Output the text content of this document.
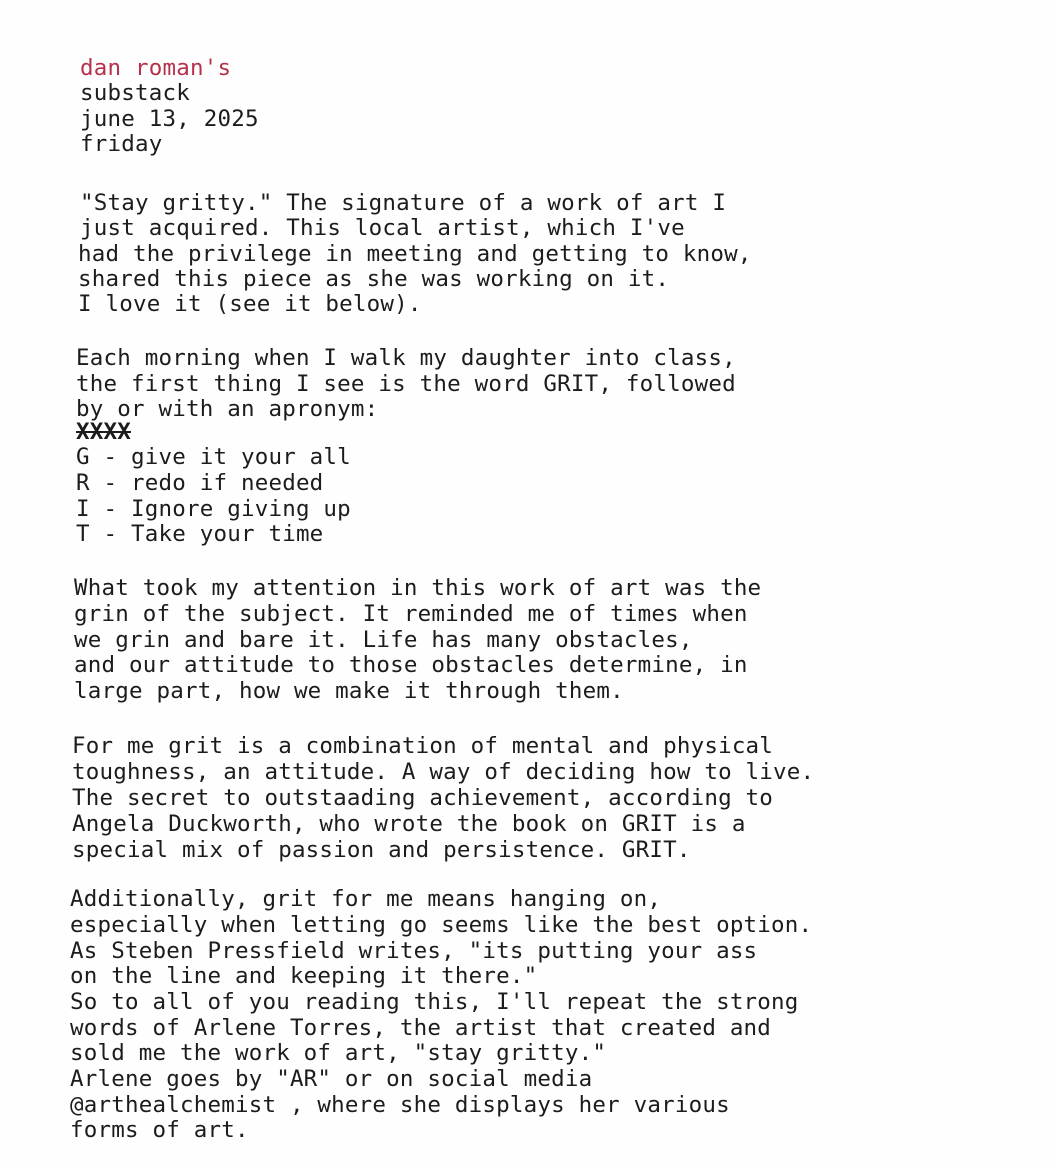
dan roman's
substack
june 13, 2025
friday
"Stay gritty." The signature of a work of art I
just acquired. This local artist, which I've
had the privilege in meeting and getting to know,
shared this piece as she was working on it.
I love it (see it below).
Each morning when I walk my daughter into class,
the first thing I see is the word GRIT, followed
by or with an apronym:
XXXX
G - give it your all
R - redo if needed
I - Ignore giving up
T - Take your time
What took my attention in this work of art was the
grin of the subject. It reminded me of times when
we grin and bare it. Life has many obstacles,
and our attitude to those obstacles determine, in
large part, how we make it through them.
For me grit is a combination of mental and physical
toughness, an attitude. A way of deciding how to live.
The secret to outstaading achievement, according to
Angela Duckworth, who wrote the book on GRIT is a
special mix of passion and persistence. GRIT.
Additionally, grit for me means hanging on,
especially when letting go seems like the best option.
As Steben Pressfield writes, "its putting your ass
on the line and keeping it there."
So to all of you reading this, I'll repeat the strong
words of Arlene Torres, the artist that created and
sold me the work of art, "stay gritty."
Arlene goes by "AR" or on social media
@arthealchemist , where she displays her various
forms of art.
